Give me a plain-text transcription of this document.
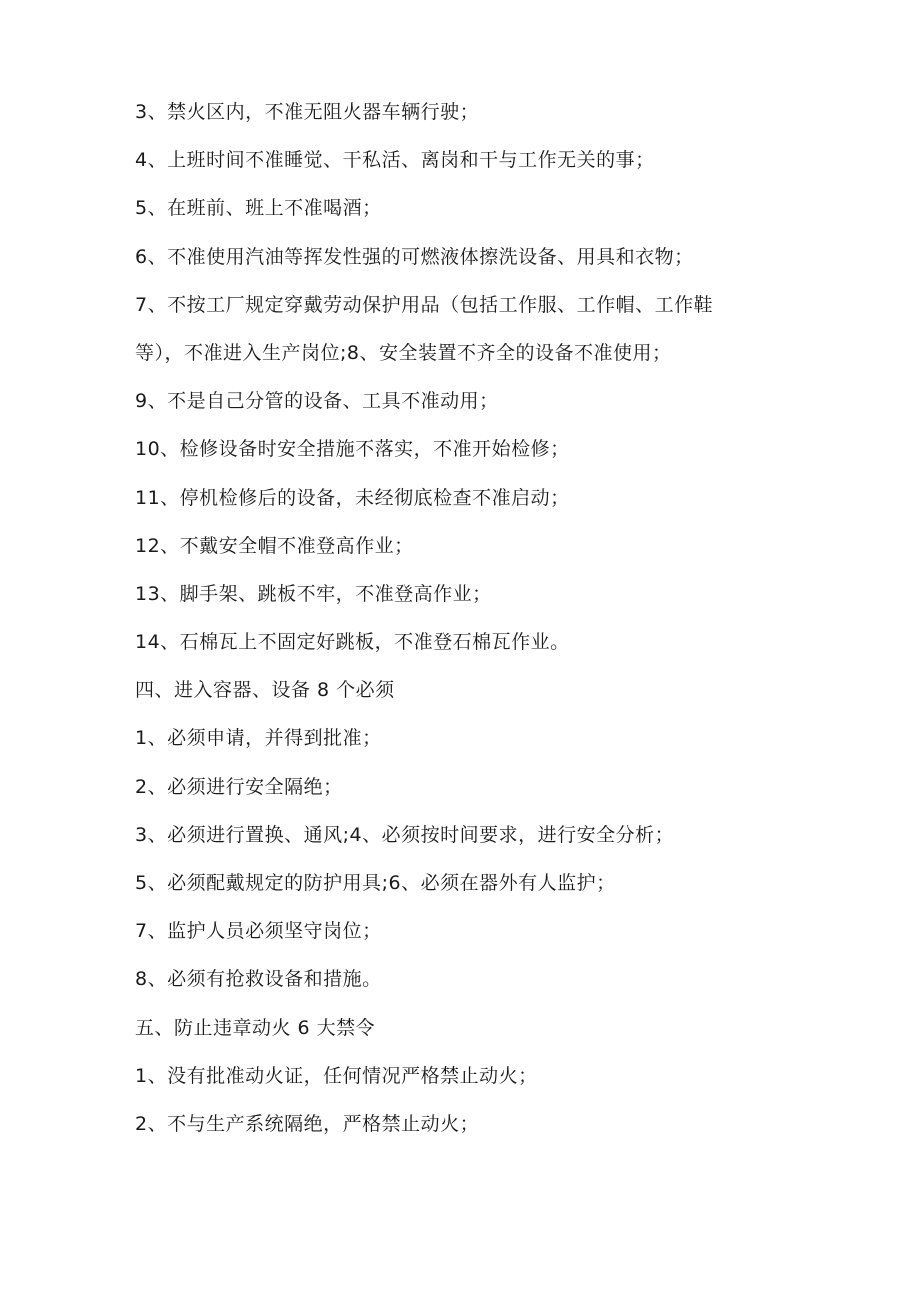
3、禁火区内，不准无阻火器车辆行驶；
4、上班时间不准睡觉、干私活、离岗和干与工作无关的事；
5、在班前、班上不准喝酒；
6、不准使用汽油等挥发性强的可燃液体擦洗设备、用具和衣物；
7、不按工厂规定穿戴劳动保护用品（包括工作服、工作帽、工作鞋
等），不准进入生产岗位;8、安全装置不齐全的设备不准使用；
9、不是自己分管的设备、工具不准动用；
10、检修设备时安全措施不落实，不准开始检修；
11、停机检修后的设备，未经彻底检查不准启动；
12、不戴安全帽不准登高作业；
13、脚手架、跳板不牢，不准登高作业；
14、石棉瓦上不固定好跳板，不准登石棉瓦作业。
四、进入容器、设备 8 个必须
1、必须申请，并得到批准；
2、必须进行安全隔绝；
3、必须进行置换、通风;4、必须按时间要求，进行安全分析；
5、必须配戴规定的防护用具;6、必须在器外有人监护；
7、监护人员必须坚守岗位；
8、必须有抢救设备和措施。
五、防止违章动火 6 大禁令
1、没有批准动火证，任何情况严格禁止动火；
2、不与生产系统隔绝，严格禁止动火；
